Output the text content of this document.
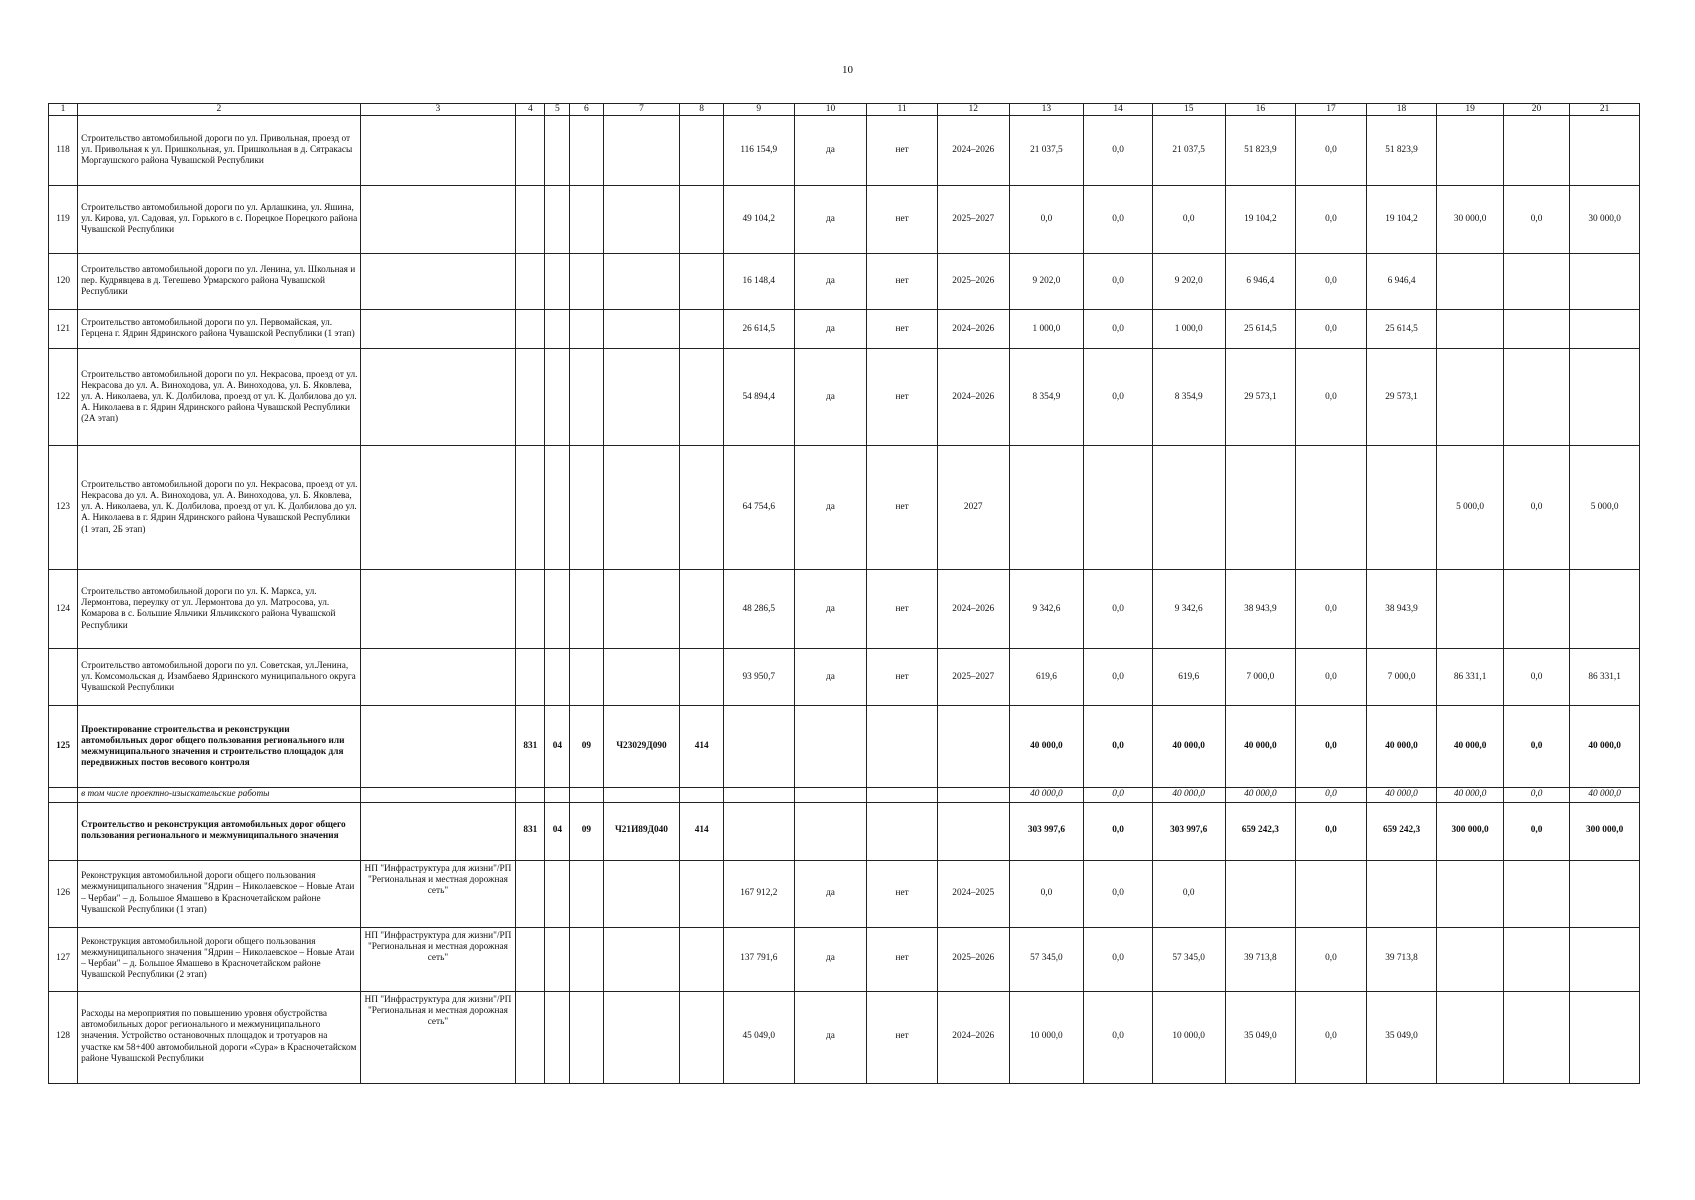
10
1	2	3	4	5	6	7	8	9	10	11	12	13	14	15	16	17	18	19	20	21
118	Строительство автомобильной дороги по ул. Привольная, проезд от ул. Привольная к ул. Пришкольная, ул. Пришкольная в д. Сятракасы Моргаушского района Чувашской Республики							116 154,9	да	нет	2024–2026	21 037,5	0,0	21 037,5	51 823,9	0,0	51 823,9			
119	Строительство автомобильной дороги по ул. Арлашкина, ул. Яшина, ул. Кирова, ул. Садовая, ул. Горького в с. Порецкое Порецкого района Чувашской Республики							49 104,2	да	нет	2025–2027	0,0	0,0	0,0	19 104,2	0,0	19 104,2	30 000,0	0,0	30 000,0
120	Строительство автомобильной дороги по ул. Ленина, ул. Школьная и пер. Кудрявцева в д. Тегешево Урмарского района Чувашской Республики							16 148,4	да	нет	2025–2026	9 202,0	0,0	9 202,0	6 946,4	0,0	6 946,4			
121	Строительство автомобильной дороги по ул. Первомайская, ул. Герцена г. Ядрин Ядринского района Чувашской Республики (1 этап)							26 614,5	да	нет	2024–2026	1 000,0	0,0	1 000,0	25 614,5	0,0	25 614,5			
122	Строительство автомобильной дороги по ул. Некрасова, проезд от ул. Некрасова до ул. А. Виноходова, ул. А. Виноходова, ул. Б. Яковлева, ул. А. Николаева, ул. К. Долбилова, проезд от ул. К. Долбилова до ул. А. Николаева в г. Ядрин Ядринского района Чувашской Республики (2А этап)							54 894,4	да	нет	2024–2026	8 354,9	0,0	8 354,9	29 573,1	0,0	29 573,1			
123	Строительство автомобильной дороги по ул. Некрасова, проезд от ул. Некрасова до ул. А. Виноходова, ул. А. Виноходова, ул. Б. Яковлева, ул. А. Николаева, ул. К. Долбилова, проезд от ул. К. Долбилова до ул. А. Николаева в г. Ядрин Ядринского района Чувашской Республики (1 этап, 2Б этап)							64 754,6	да	нет	2027							5 000,0	0,0	5 000,0
124	Строительство автомобильной дороги по ул. К. Маркса, ул. Лермонтова, переулку от ул. Лермонтова до ул. Матросова, ул. Комарова в с. Большие Яльчики Яльчикского района Чувашской Республики							48 286,5	да	нет	2024–2026	9 342,6	0,0	9 342,6	38 943,9	0,0	38 943,9			
	Строительство автомобильной дороги по ул. Советская, ул.Ленина, ул. Комсомольская д. Изамбаево Ядринского муниципального округа Чувашской Республики							93 950,7	да	нет	2025–2027	619,6	0,0	619,6	7 000,0	0,0	7 000,0	86 331,1	0,0	86 331,1
125	Проектирование строительства и реконструкции автомобильных дорог общего пользования регионального или межмуниципального значения и строительство площадок для передвижных постов весового контроля		831	04	09	Ч23029Д090	414					40 000,0	0,0	40 000,0	40 000,0	0,0	40 000,0	40 000,0	0,0	40 000,0
	в том числе проектно-изыскательские работы											40 000,0	0,0	40 000,0	40 000,0	0,0	40 000,0	40 000,0	0,0	40 000,0
	Строительство и реконструкция автомобильных дорог общего пользования регионального и межмуниципального значения		831	04	09	Ч21И89Д040	414					303 997,6	0,0	303 997,6	659 242,3	0,0	659 242,3	300 000,0	0,0	300 000,0
126	Реконструкция автомобильной дороги общего пользования межмуниципального значения "Ядрин – Николаевское – Новые Атаи – Чербаи" – д. Большое Ямашево в Красночетайском районе Чувашской Республики (1 этап)	НП "Инфраструктура для жизни"/РП "Региональная и местная дорожная сеть"						167 912,2	да	нет	2024–2025	0,0	0,0	0,0						
127	Реконструкция автомобильной дороги общего пользования межмуниципального значения "Ядрин – Николаевское – Новые Атаи – Чербаи" – д. Большое Ямашево в Красночетайском районе Чувашской Республики (2 этап)	НП "Инфраструктура для жизни"/РП "Региональная и местная дорожная сеть"						137 791,6	да	нет	2025–2026	57 345,0	0,0	57 345,0	39 713,8	0,0	39 713,8			
128	Расходы на мероприятия по повышению уровня обустройства автомобильных дорог регионального и межмуниципального значения. Устройство остановочных площадок и тротуаров на участке км 58+400 автомобильной дороги «Сура» в Красночетайском районе Чувашской Республики	НП "Инфраструктура для жизни"/РП "Региональная и местная дорожная сеть"						45 049,0	да	нет	2024–2026	10 000,0	0,0	10 000,0	35 049,0	0,0	35 049,0			
